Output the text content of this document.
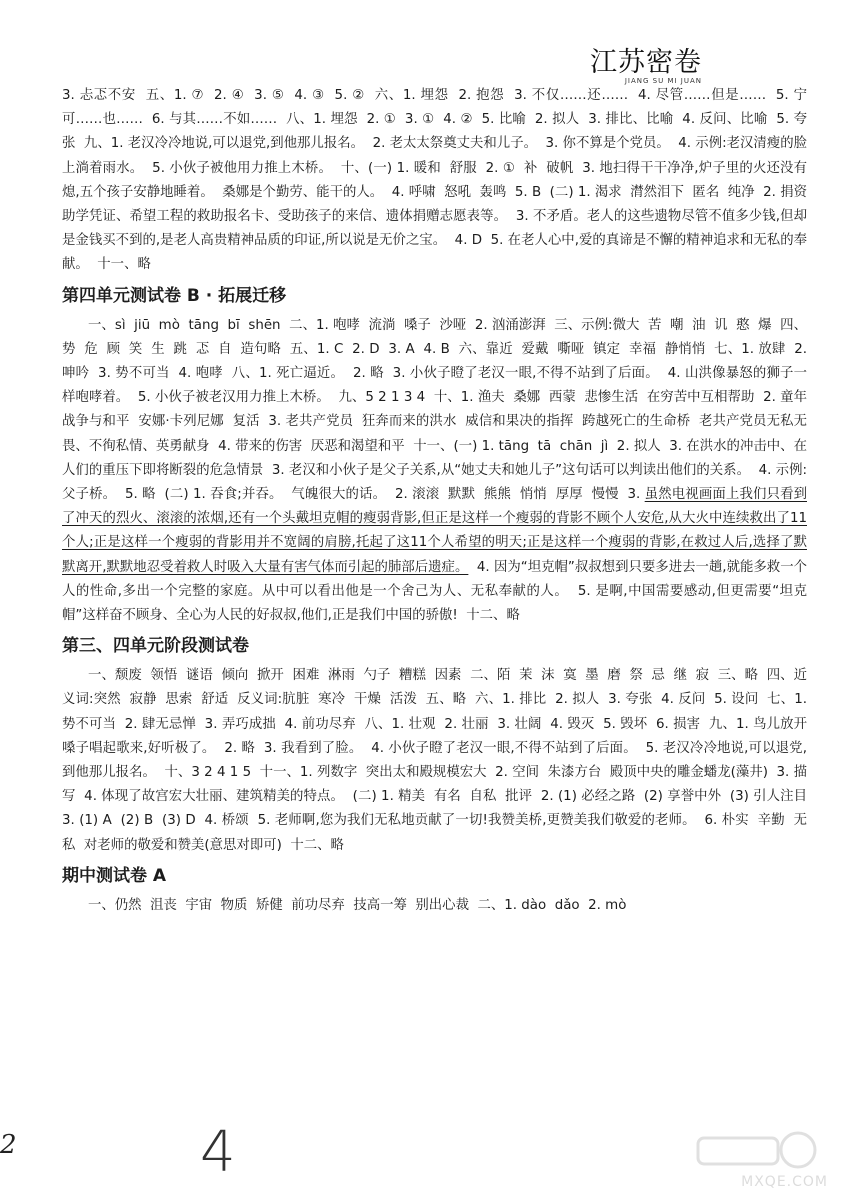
江苏密卷
JIANG SU MI JUAN

3. 忐忑不安  五、1. ⑦  2. ④  3. ⑤  4. ③  5. ②  六、1. 埋怨  2. 抱怨  3. 不仅……还……  4. 尽管……但是……  5. 宁可……也……  6. 与其……不如……  八、1. 埋怨  2. ①  3. ①  4. ②  5. 比喻  2. 拟人  3. 排比、比喻  4. 反问、比喻  5. 夸张  九、1. 老汉冷冷地说,可以退党,到他那儿报名。  2. 老太太祭奠丈夫和儿子。  3. 你不算是个党员。  4. 示例:老汉清瘦的脸上淌着雨水。  5. 小伙子被他用力推上木桥。  十、(一) 1. 暖和  舒服  2. ①  补  破帆  3. 地扫得干干净净,炉子里的火还没有熄,五个孩子安静地睡着。  桑娜是个勤劳、能干的人。  4. 呼啸  怒吼  轰鸣  5. B  (二) 1. 渴求  潸然泪下  匿名  纯净  2. 捐资助学凭证、希望工程的救助报名卡、受助孩子的来信、遗体捐赠志愿表等。  3. 不矛盾。老人的这些遗物尽管不值多少钱,但却是金钱买不到的,是老人高贵精神品质的印证,所以说是无价之宝。  4. D  5. 在老人心中,爱的真谛是不懈的精神追求和无私的奉献。  十一、略

第四单元测试卷 B · 拓展迁移

一、sì  jiū  mò  tāng  bī  shēn  二、1. 咆哮  流淌  嗓子  沙哑  2. 汹涌澎湃  三、示例:微大  苦  嘲  油  讥  憨  爆  四、势  危  顾  笑  生  跳  忑  自  造句略  五、1. C  2. D  3. A  4. B  六、靠近  爱戴  嘶哑  镇定  幸福  静悄悄  七、1. 放肆  2. 呻吟  3. 势不可当  4. 咆哮  八、1. 死亡逼近。  2. 略  3. 小伙子瞪了老汉一眼,不得不站到了后面。  4. 山洪像暴怒的狮子一样咆哮着。  5. 小伙子被老汉用力推上木桥。  九、5 2 1 3 4  十、1. 渔夫  桑娜  西蒙  悲惨生活  在穷苦中互相帮助  2. 童年  战争与和平  安娜·卡列尼娜  复活  3. 老共产党员  狂奔而来的洪水  威信和果决的指挥  跨越死亡的生命桥  老共产党员无私无畏、不徇私情、英勇献身  4. 带来的伤害  厌恶和渴望和平  十一、(一) 1. tāng  tā  chān  jì  2. 拟人  3. 在洪水的冲击中、在人们的重压下即将断裂的危急情景  3. 老汉和小伙子是父子关系,从“她丈夫和她儿子”这句话可以判读出他们的关系。  4. 示例:父子桥。  5. 略  (二) 1. 吞食;并吞。  气魄很大的话。  2. 滚滚  默默  熊熊  悄悄  厚厚  慢慢  3. 虽然电视画面上我们只看到了冲天的烈火、滚滚的浓烟,还有一个头戴坦克帽的瘦弱背影,但正是这样一个瘦弱的背影不顾个人安危,从大火中连续救出了11个人;正是这样一个瘦弱的背影用并不宽阔的肩膀,托起了这11个人希望的明天;正是这样一个瘦弱的背影,在救过人后,选择了默默离开,默默地忍受着救人时吸入大量有害气体而引起的肺部后遗症。  4. 因为“坦克帽”叔叔想到只要多进去一趟,就能多救一个人的性命,多出一个完整的家庭。从中可以看出他是一个舍己为人、无私奉献的人。  5. 是啊,中国需要感动,但更需要“坦克帽”这样奋不顾身、全心为人民的好叔叔,他们,正是我们中国的骄傲!  十二、略

第三、四单元阶段测试卷

一、颓废  领悟  谜语  倾向  掀开  困难  淋雨  勺子  糟糕  因素  二、陌  茉  沫  寞  墨  磨  祭  忌  继  寂  三、略  四、近义词:突然  寂静  思索  舒适  反义词:肮脏  寒冷  干燥  活泼  五、略  六、1. 排比  2. 拟人  3. 夸张  4. 反问  5. 设问  七、1. 势不可当  2. 肆无忌惮  3. 弄巧成拙  4. 前功尽弃  八、1. 壮观  2. 壮丽  3. 壮阔  4. 毁灭  5. 毁坏  6. 损害  九、1. 鸟儿放开嗓子唱起歌来,好听极了。  2. 略  3. 我看到了脸。  4. 小伙子瞪了老汉一眼,不得不站到了后面。  5. 老汉冷冷地说,可以退党,到他那儿报名。  十、3 2 4 1 5  十一、1. 列数字  突出太和殿规模宏大  2. 空间  朱漆方台  殿顶中央的雕金蟠龙(藻井)  3. 描写  4. 体现了故宫宏大壮丽、建筑精美的特点。  (二) 1. 精美  有名  自私  批评  2. (1) 必经之路  (2) 享誉中外  (3) 引人注目  3. (1) A  (2) B  (3) D  4. 桥颂  5. 老师啊,您为我们无私地贡献了一切!我赞美桥,更赞美我们敬爱的老师。  6. 朴实  辛勤  无私  对老师的敬爱和赞美(意思对即可)  十二、略

期中测试卷 A

一、仍然  沮丧  宇宙  物质  矫健  前功尽弃  技高一筹  别出心裁  二、1. dào  dǎo  2. mò

2	4	MXQE.COM
